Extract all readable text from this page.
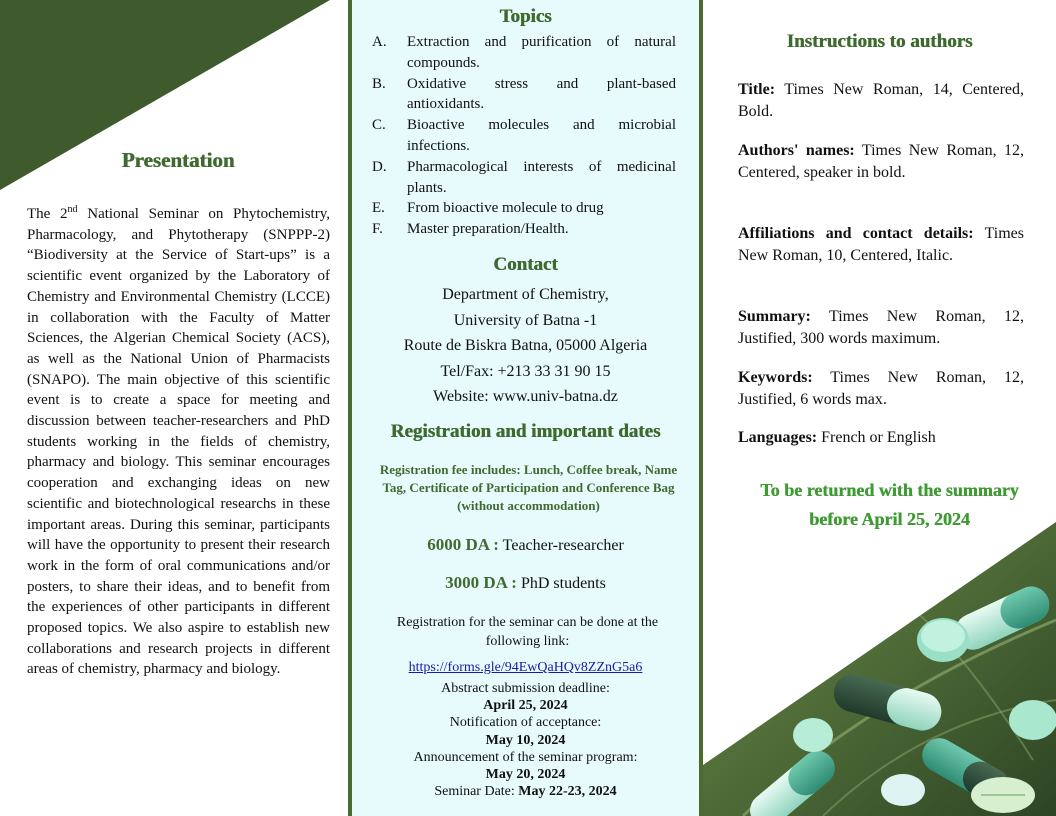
Presentation

The 2nd National Seminar on Phytochemistry, Pharmacology, and Phytotherapy (SNPPP-2) “Biodiversity at the Service of Start-ups” is a scientific event organized by the Laboratory of Chemistry and Environmental Chemistry (LCCE) in collaboration with the Faculty of Matter Sciences, the Algerian Chemical Society (ACS), as well as the National Union of Pharmacists (SNAPO). The main objective of this scientific event is to create a space for meeting and discussion between teacher-researchers and PhD students working in the fields of chemistry, pharmacy and biology. This seminar encourages cooperation and exchanging ideas on new scientific and biotechnological researchs in these important areas. During this seminar, participants will have the opportunity to present their research work in the form of oral communications and/or posters, to share their ideas, and to benefit from the experiences of other participants in different proposed topics. We also aspire to establish new collaborations and research projects in different areas of chemistry, pharmacy and biology.

Topics
A. Extraction and purification of natural compounds.
B. Oxidative stress and plant-based antioxidants.
C. Bioactive molecules and microbial infections.
D. Pharmacological interests of medicinal plants.
E. From bioactive molecule to drug
F. Master preparation/Health.
Contact
Department of Chemistry,
University of Batna -1
Route de Biskra Batna, 05000 Algeria
Tel/Fax: +213 33 31 90 15
Website: www.univ-batna.dz
Registration and important dates
Registration fee includes: Lunch, Coffee break, Name Tag, Certificate of Participation and Conference Bag (without accommodation)
6000 DA : Teacher-researcher
3000 DA : PhD students
Registration for the seminar can be done at the following link:
https://forms.gle/94EwQaHQv8ZZnG5a6
Abstract submission deadline:
April 25, 2024
Notification of acceptance:
May 10, 2024
Announcement of the seminar program:
May 20, 2024
Seminar Date: May 22-23, 2024
Instructions to authors

Title: Times New Roman, 14, Centered, Bold.

Authors' names: Times New Roman, 12, Centered, speaker in bold.

Affiliations and contact details: Times New Roman, 10, Centered, Italic.

Summary: Times New Roman, 12, Justified, 300 words maximum.

Keywords: Times New Roman, 12, Justified, 6 words max.

Languages: French or English

To be returned with the summary
before April 25, 2024
